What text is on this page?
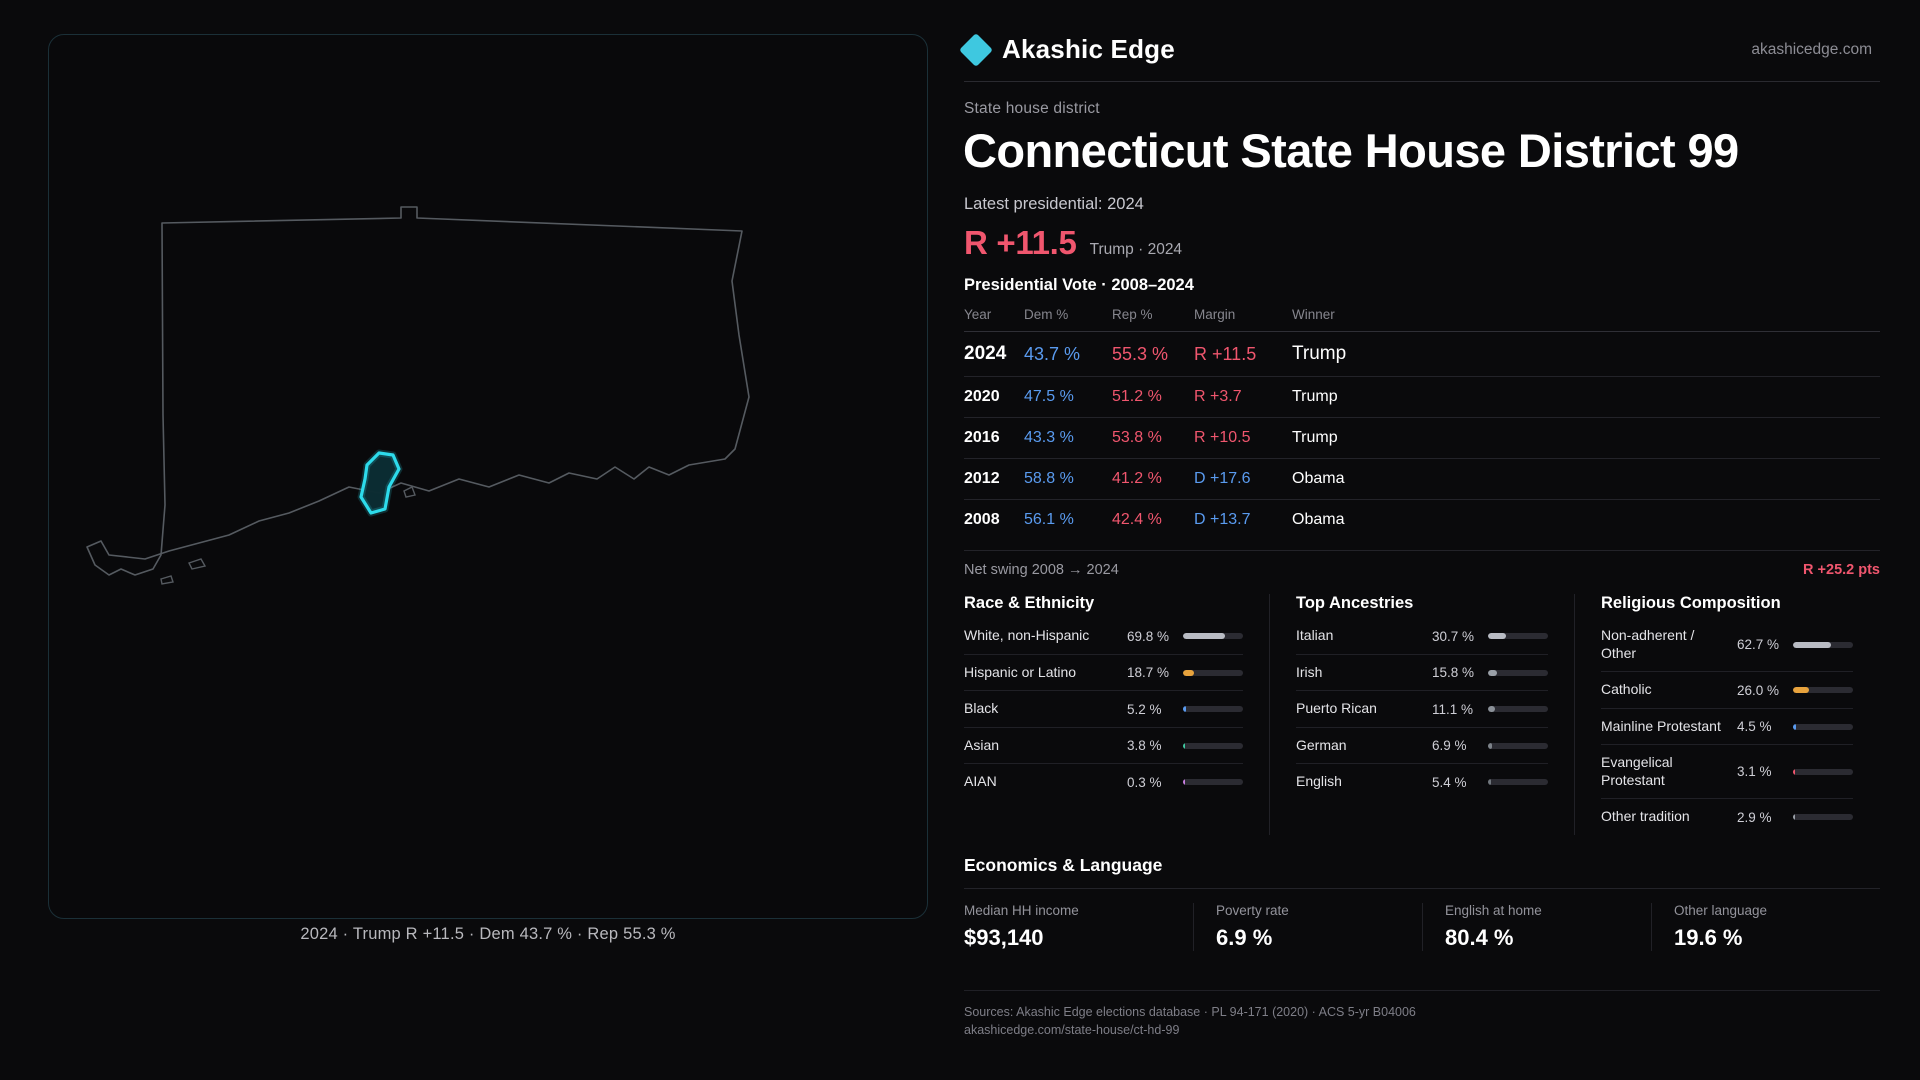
2024 · Trump R +11.5 · Dem 43.7 % · Rep 55.3 %
Akashic Edge	akashicedge.com
State house district
Connecticut State House District 99
Latest presidential: 2024
R +11.5 Trump · 2024
Presidential Vote · 2008–2024
Year	Dem %	Rep %	Margin	Winner
2024	43.7 %	55.3 %	R +11.5	Trump
2020	47.5 %	51.2 %	R +3.7	Trump
2016	43.3 %	53.8 %	R +10.5	Trump
2012	58.8 %	41.2 %	D +17.6	Obama
2008	56.1 %	42.4 %	D +13.7	Obama
Net swing 2008 → 2024	R +25.2 pts
Race & Ethnicity
White, non-Hispanic	69.8 %
Hispanic or Latino	18.7 %
Black	5.2 %
Asian	3.8 %
AIAN	0.3 %
Top Ancestries
Italian	30.7 %
Irish	15.8 %
Puerto Rican	11.1 %
German	6.9 %
English	5.4 %
Religious Composition
Non-adherent / Other	62.7 %
Catholic	26.0 %
Mainline Protestant	4.5 %
Evangelical Protestant	3.1 %
Other tradition	2.9 %
Economics & Language
Median HH income
$93,140
Poverty rate
6.9 %
English at home
80.4 %
Other language
19.6 %
Sources: Akashic Edge elections database · PL 94-171 (2020) · ACS 5-yr B04006
akashicedge.com/state-house/ct-hd-99
